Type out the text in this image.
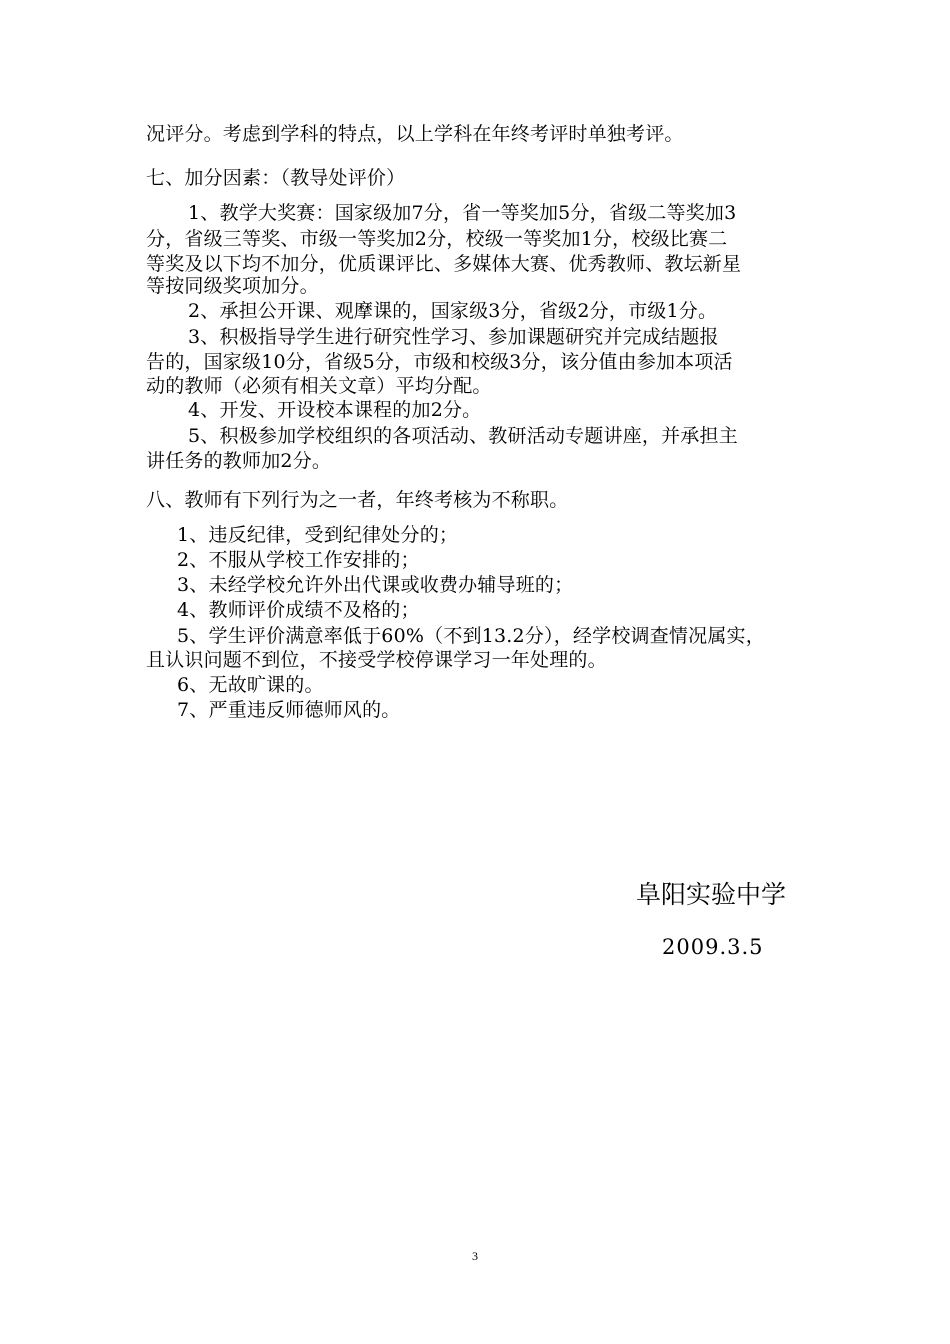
况评分。考虑到学科的特点，以上学科在年终考评时单独考评。
七、加分因素：（教导处评价）
1、教学大奖赛：国家级加7分，省一等奖加5分，省级二等奖加3
分，省级三等奖、市级一等奖加2分，校级一等奖加1分，校级比赛二
等奖及以下均不加分，优质课评比、多媒体大赛、优秀教师、教坛新星
等按同级奖项加分。
2、承担公开课、观摩课的，国家级3分，省级2分，市级1分。
3、积极指导学生进行研究性学习、参加课题研究并完成结题报
告的，国家级10分，省级5分，市级和校级3分，该分值由参加本项活
动的教师（必须有相关文章）平均分配。
4、开发、开设校本课程的加2分。
5、积极参加学校组织的各项活动、教研活动专题讲座，并承担主
讲任务的教师加2分。
八、教师有下列行为之一者，年终考核为不称职。
1、违反纪律，受到纪律处分的；
2、不服从学校工作安排的；
3、未经学校允许外出代课或收费办辅导班的；
4、教师评价成绩不及格的；
5、学生评价满意率低于60%（不到13.2分），经学校调查情况属实，
且认识问题不到位，不接受学校停课学习一年处理的。
6、无故旷课的。
7、严重违反师德师风的。
阜阳实验中学
2009.3.5
3
